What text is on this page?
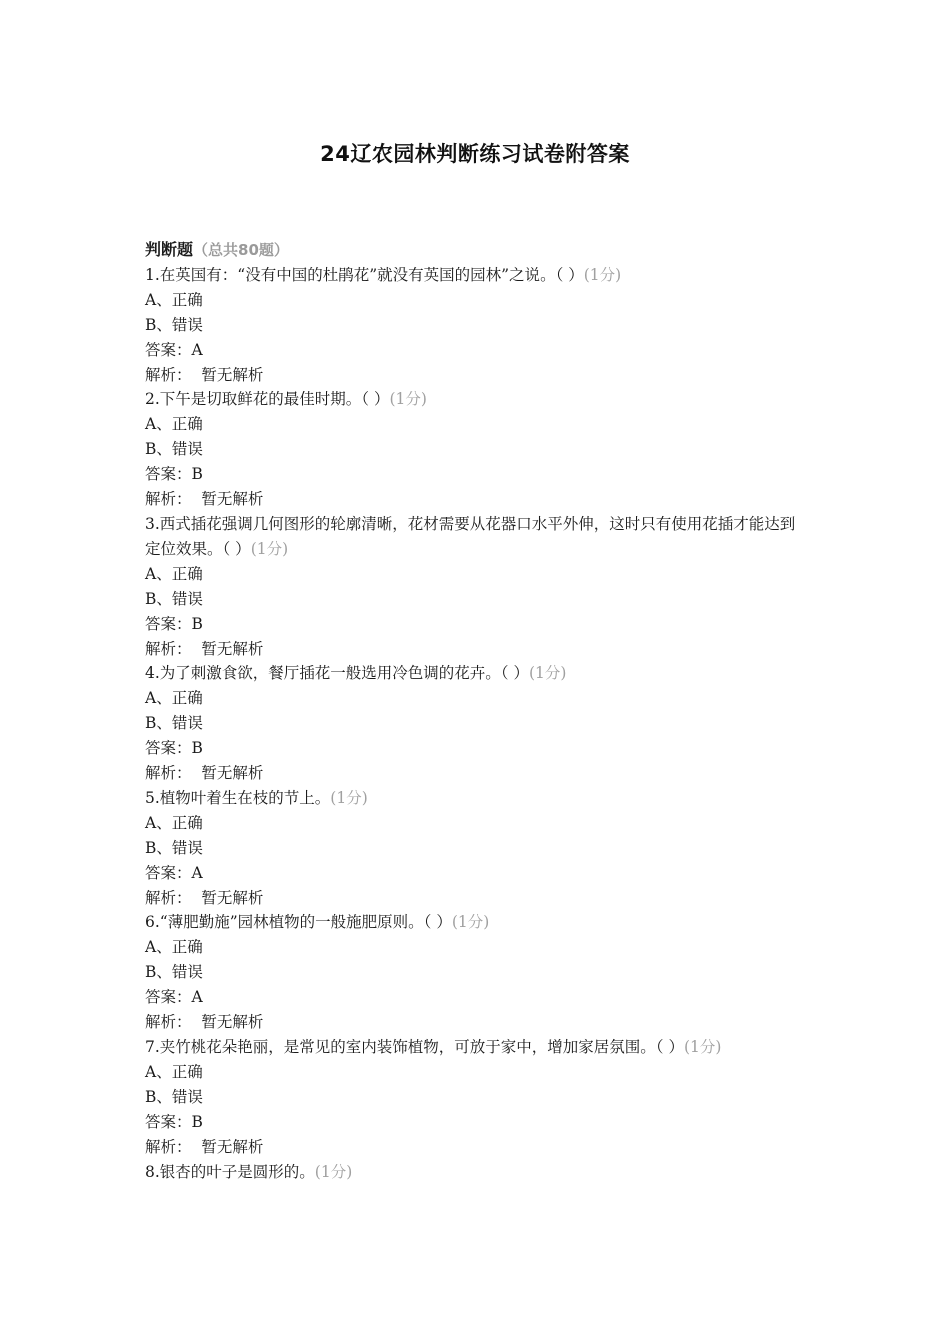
24辽农园林判断练习试卷附答案
判断题（总共80题）
1.在英国有：“没有中国的杜鹃花”就没有英国的园林”之说。（ ）(1分)
A、正确
B、错误
答案：A
解析： 暂无解析
2.下午是切取鲜花的最佳时期。（ ）(1分)
A、正确
B、错误
答案：B
解析： 暂无解析
3.西式插花强调几何图形的轮廓清晰，花材需要从花器口水平外伸，这时只有使用花插才能达到定位效果。（ ）(1分)
A、正确
B、错误
答案：B
解析： 暂无解析
4.为了刺激食欲，餐厅插花一般选用冷色调的花卉。（ ）(1分)
A、正确
B、错误
答案：B
解析： 暂无解析
5.植物叶着生在枝的节上。(1分)
A、正确
B、错误
答案：A
解析： 暂无解析
6.“薄肥勤施”园林植物的一般施肥原则。（ ）(1分)
A、正确
B、错误
答案：A
解析： 暂无解析
7.夹竹桃花朵艳丽，是常见的室内装饰植物，可放于家中，增加家居氛围。（ ）(1分)
A、正确
B、错误
答案：B
解析： 暂无解析
8.银杏的叶子是圆形的。(1分)
